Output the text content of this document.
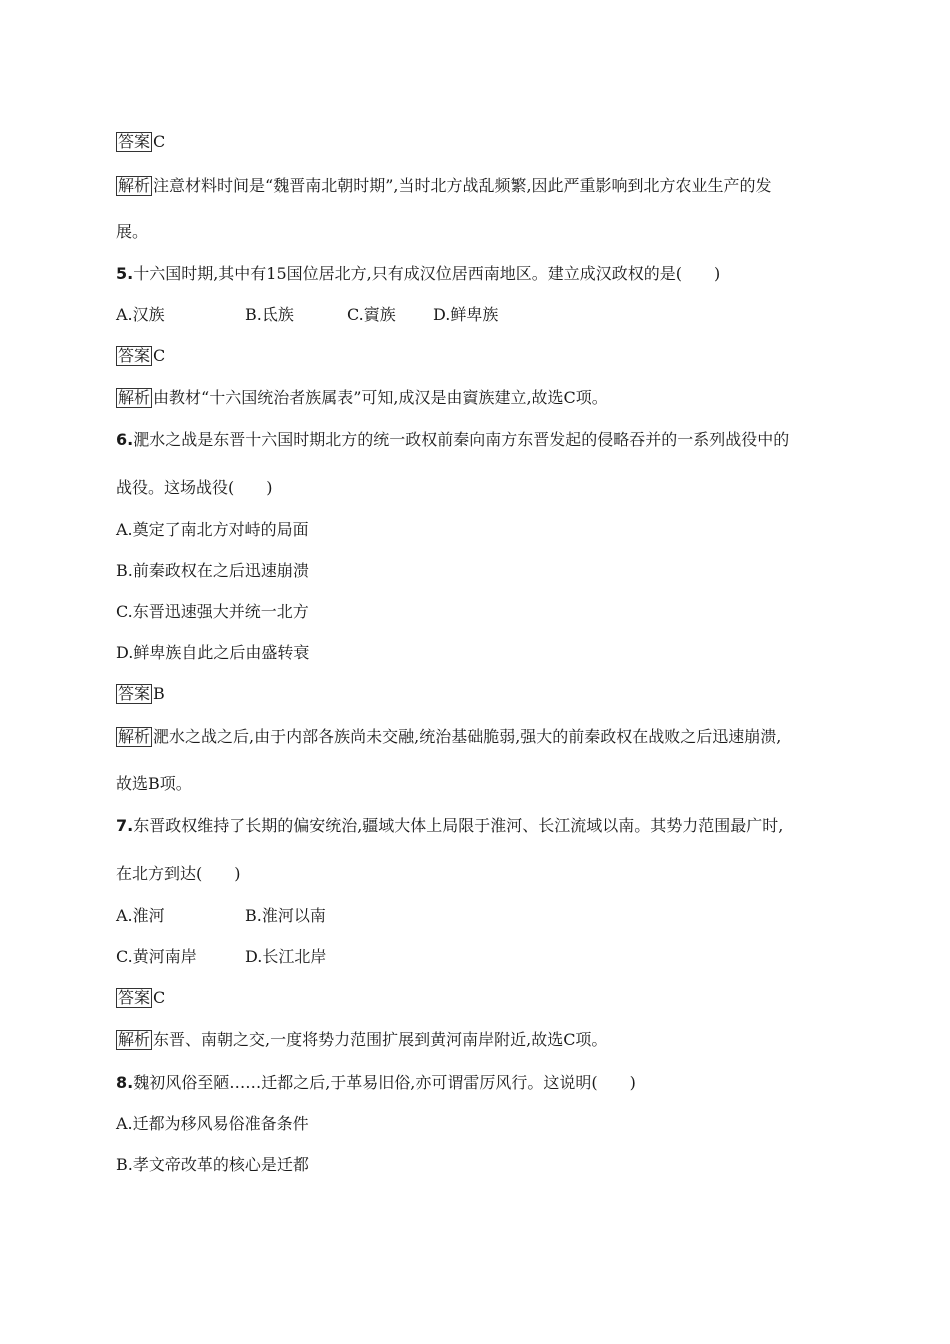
答案 C
解析 注意材料时间是“魏晋南北朝时期”,当时北方战乱频繁,因此严重影响到北方农业生产的发
展。
5.十六国时期,其中有15国位居北方,只有成汉位居西南地区。建立成汉政权的是(　　)
A.汉族	B.氐族	C.賨族 D.鲜卑族
答案 C
解析 由教材“十六国统治者族属表”可知,成汉是由賨族建立,故选C项。
6.淝水之战是东晋十六国时期北方的统一政权前秦向南方东晋发起的侵略吞并的一系列战役中的
战役。这场战役(　　)
A.奠定了南北方对峙的局面
B.前秦政权在之后迅速崩溃
C.东晋迅速强大并统一北方
D.鲜卑族自此之后由盛转衰
答案 B
解析 淝水之战之后,由于内部各族尚未交融,统治基础脆弱,强大的前秦政权在战败之后迅速崩溃,
故选B项。
7.东晋政权维持了长期的偏安统治,疆域大体上局限于淮河、长江流域以南。其势力范围最广时,
在北方到达(　　)
A.淮河	B.淮河以南
C.黄河南岸	D.长江北岸
答案 C
解析 东晋、南朝之交,一度将势力范围扩展到黄河南岸附近,故选C项。
8.魏初风俗至陋……迁都之后,于革易旧俗,亦可谓雷厉风行。这说明(　　)
A.迁都为移风易俗准备条件
B.孝文帝改革的核心是迁都
